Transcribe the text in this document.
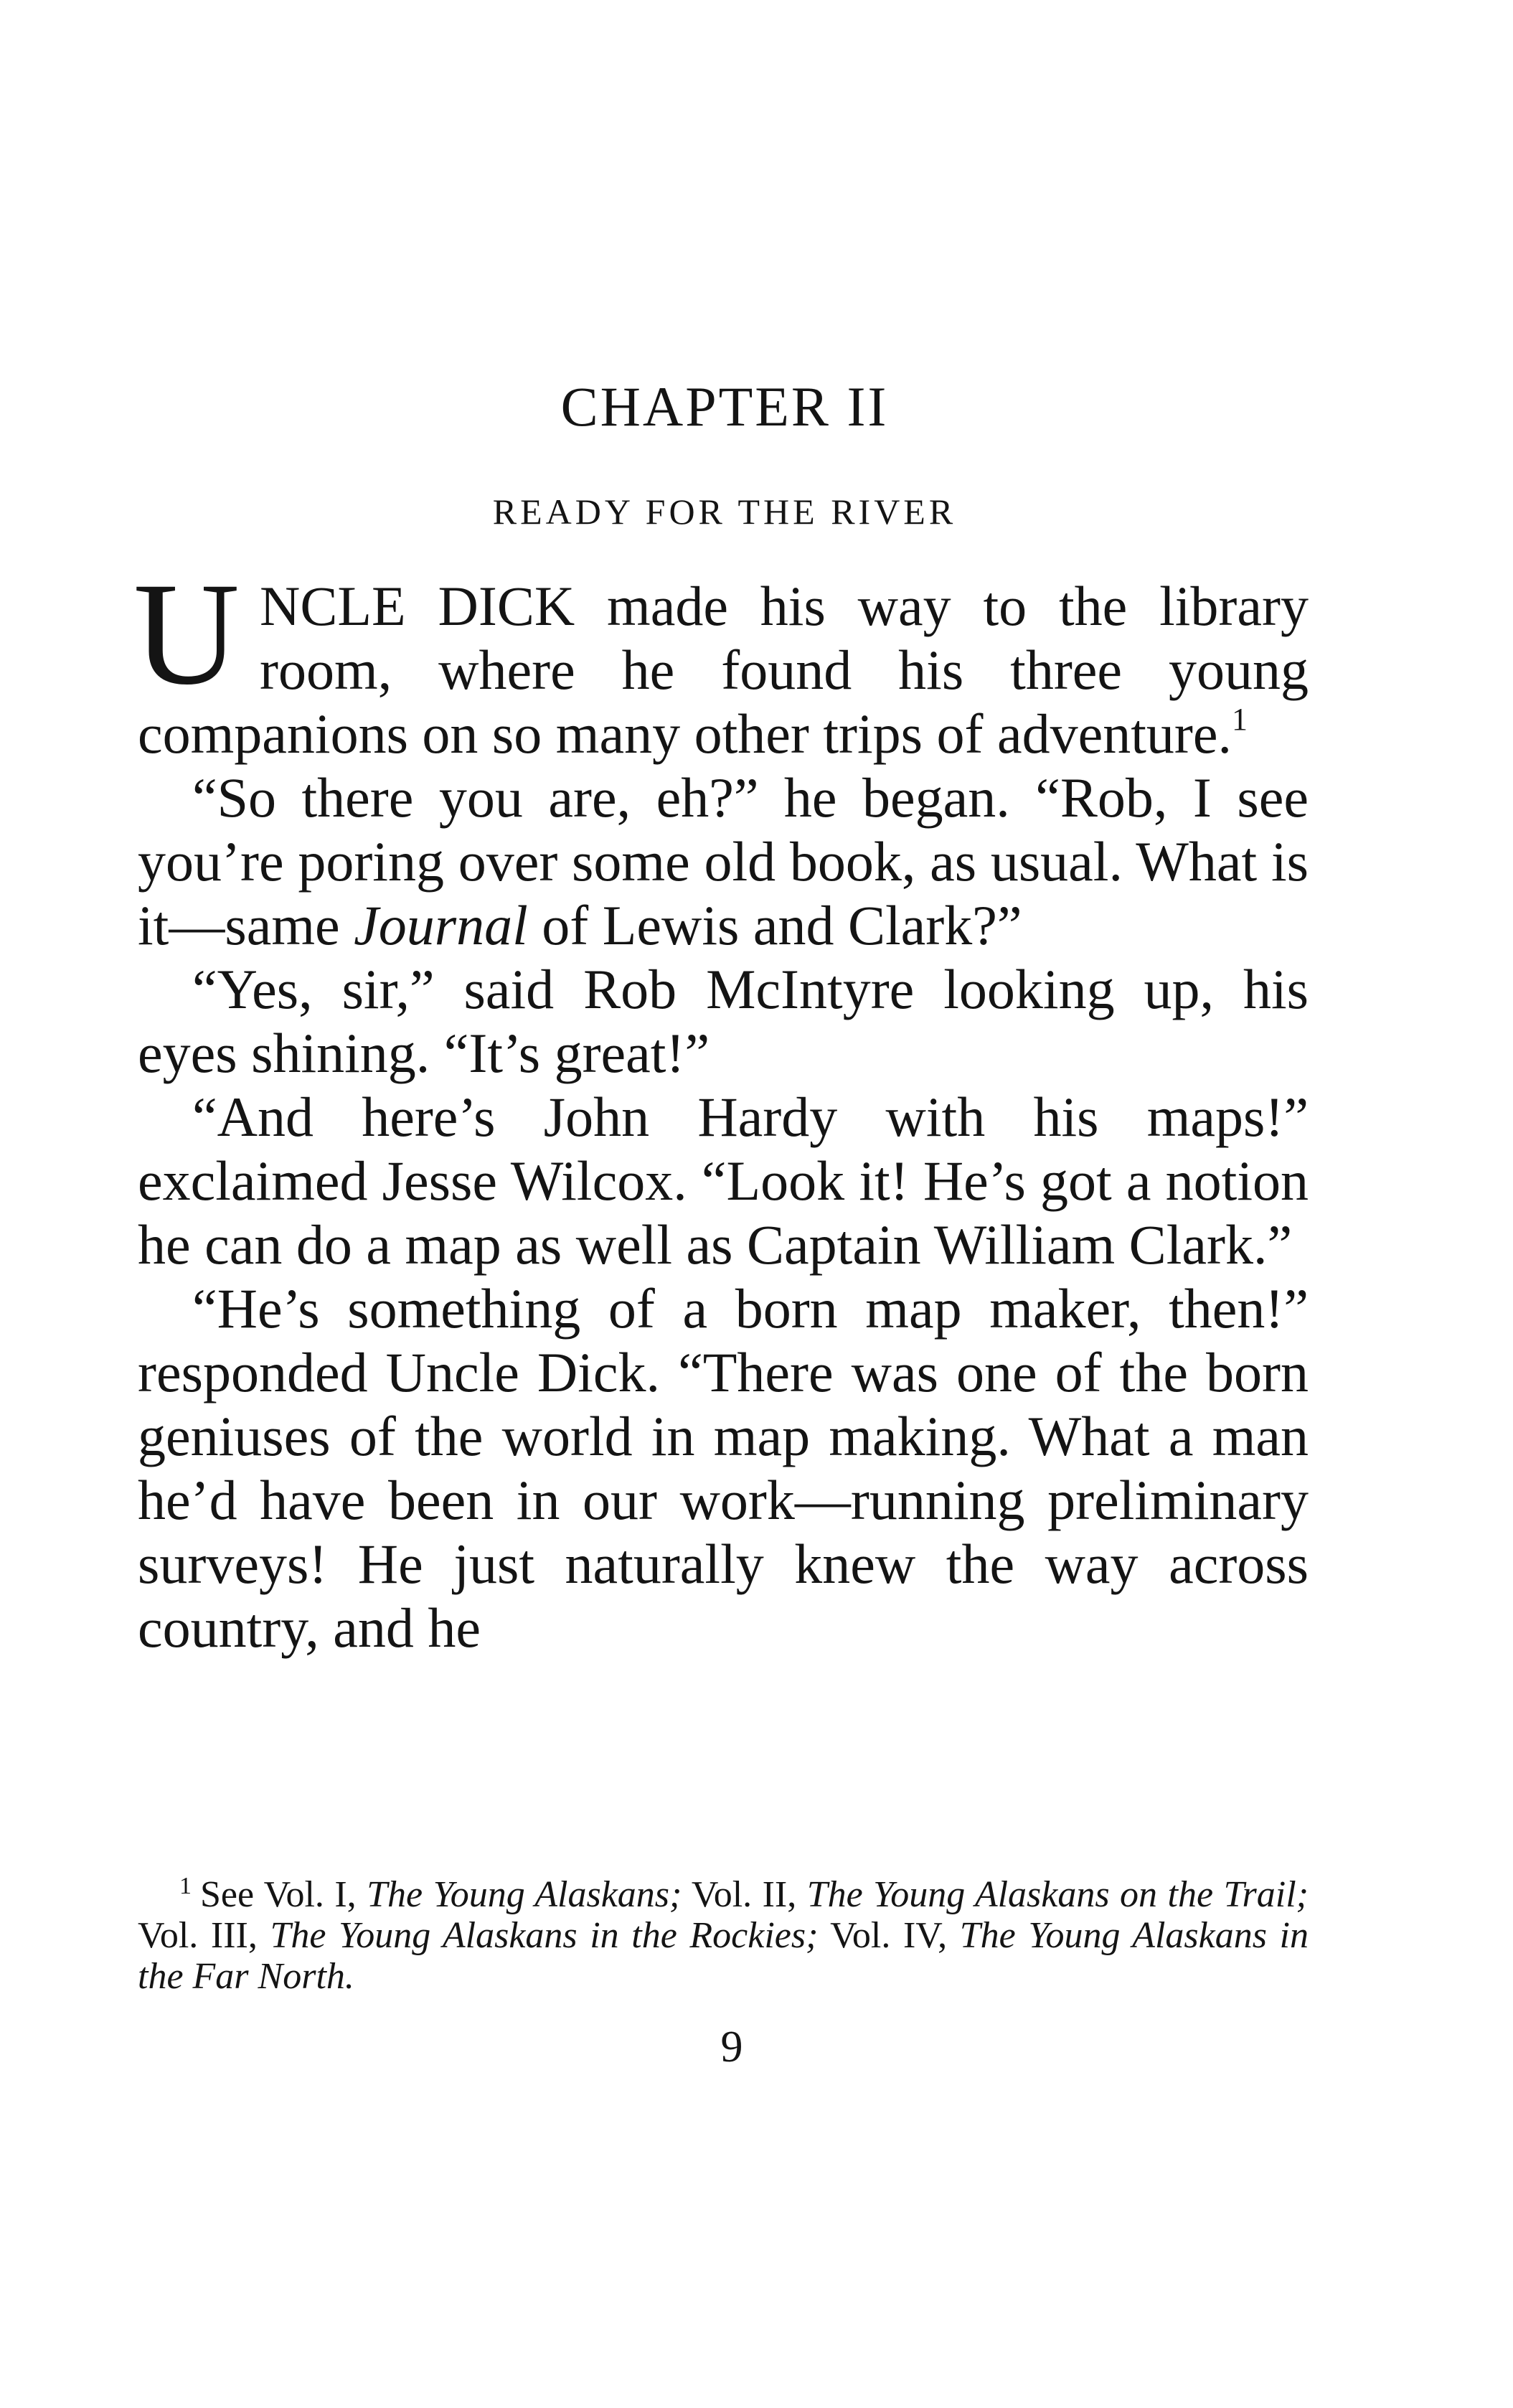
CHAPTER II
READY FOR THE RIVER

UNCLE DICK made his way to the library room, where he found his three young companions on so many other trips of adventure.$^1$

“So there you are, eh?” he began. “Rob, I see you’re poring over some old book, as usual. What is it—same Journal of Lewis and Clark?”

“Yes, sir,” said Rob McIntyre looking up, his eyes shining. “It’s great!”

“And here’s John Hardy with his maps!” exclaimed Jesse Wilcox. “Look it! He’s got a notion he can do a map as well as Captain William Clark.”

“He’s something of a born map maker, then!” responded Uncle Dick. “There was one of the born geniuses of the world in map making. What a man he’d have been in our work—running preliminary surveys! He just naturally knew the way across country, and he

$^1$ See Vol. I, The Young Alaskans; Vol. II, The Young Alaskans on the Trail; Vol. III, The Young Alaskans in the Rockies; Vol. IV, The Young Alaskans in the Far North.

9
